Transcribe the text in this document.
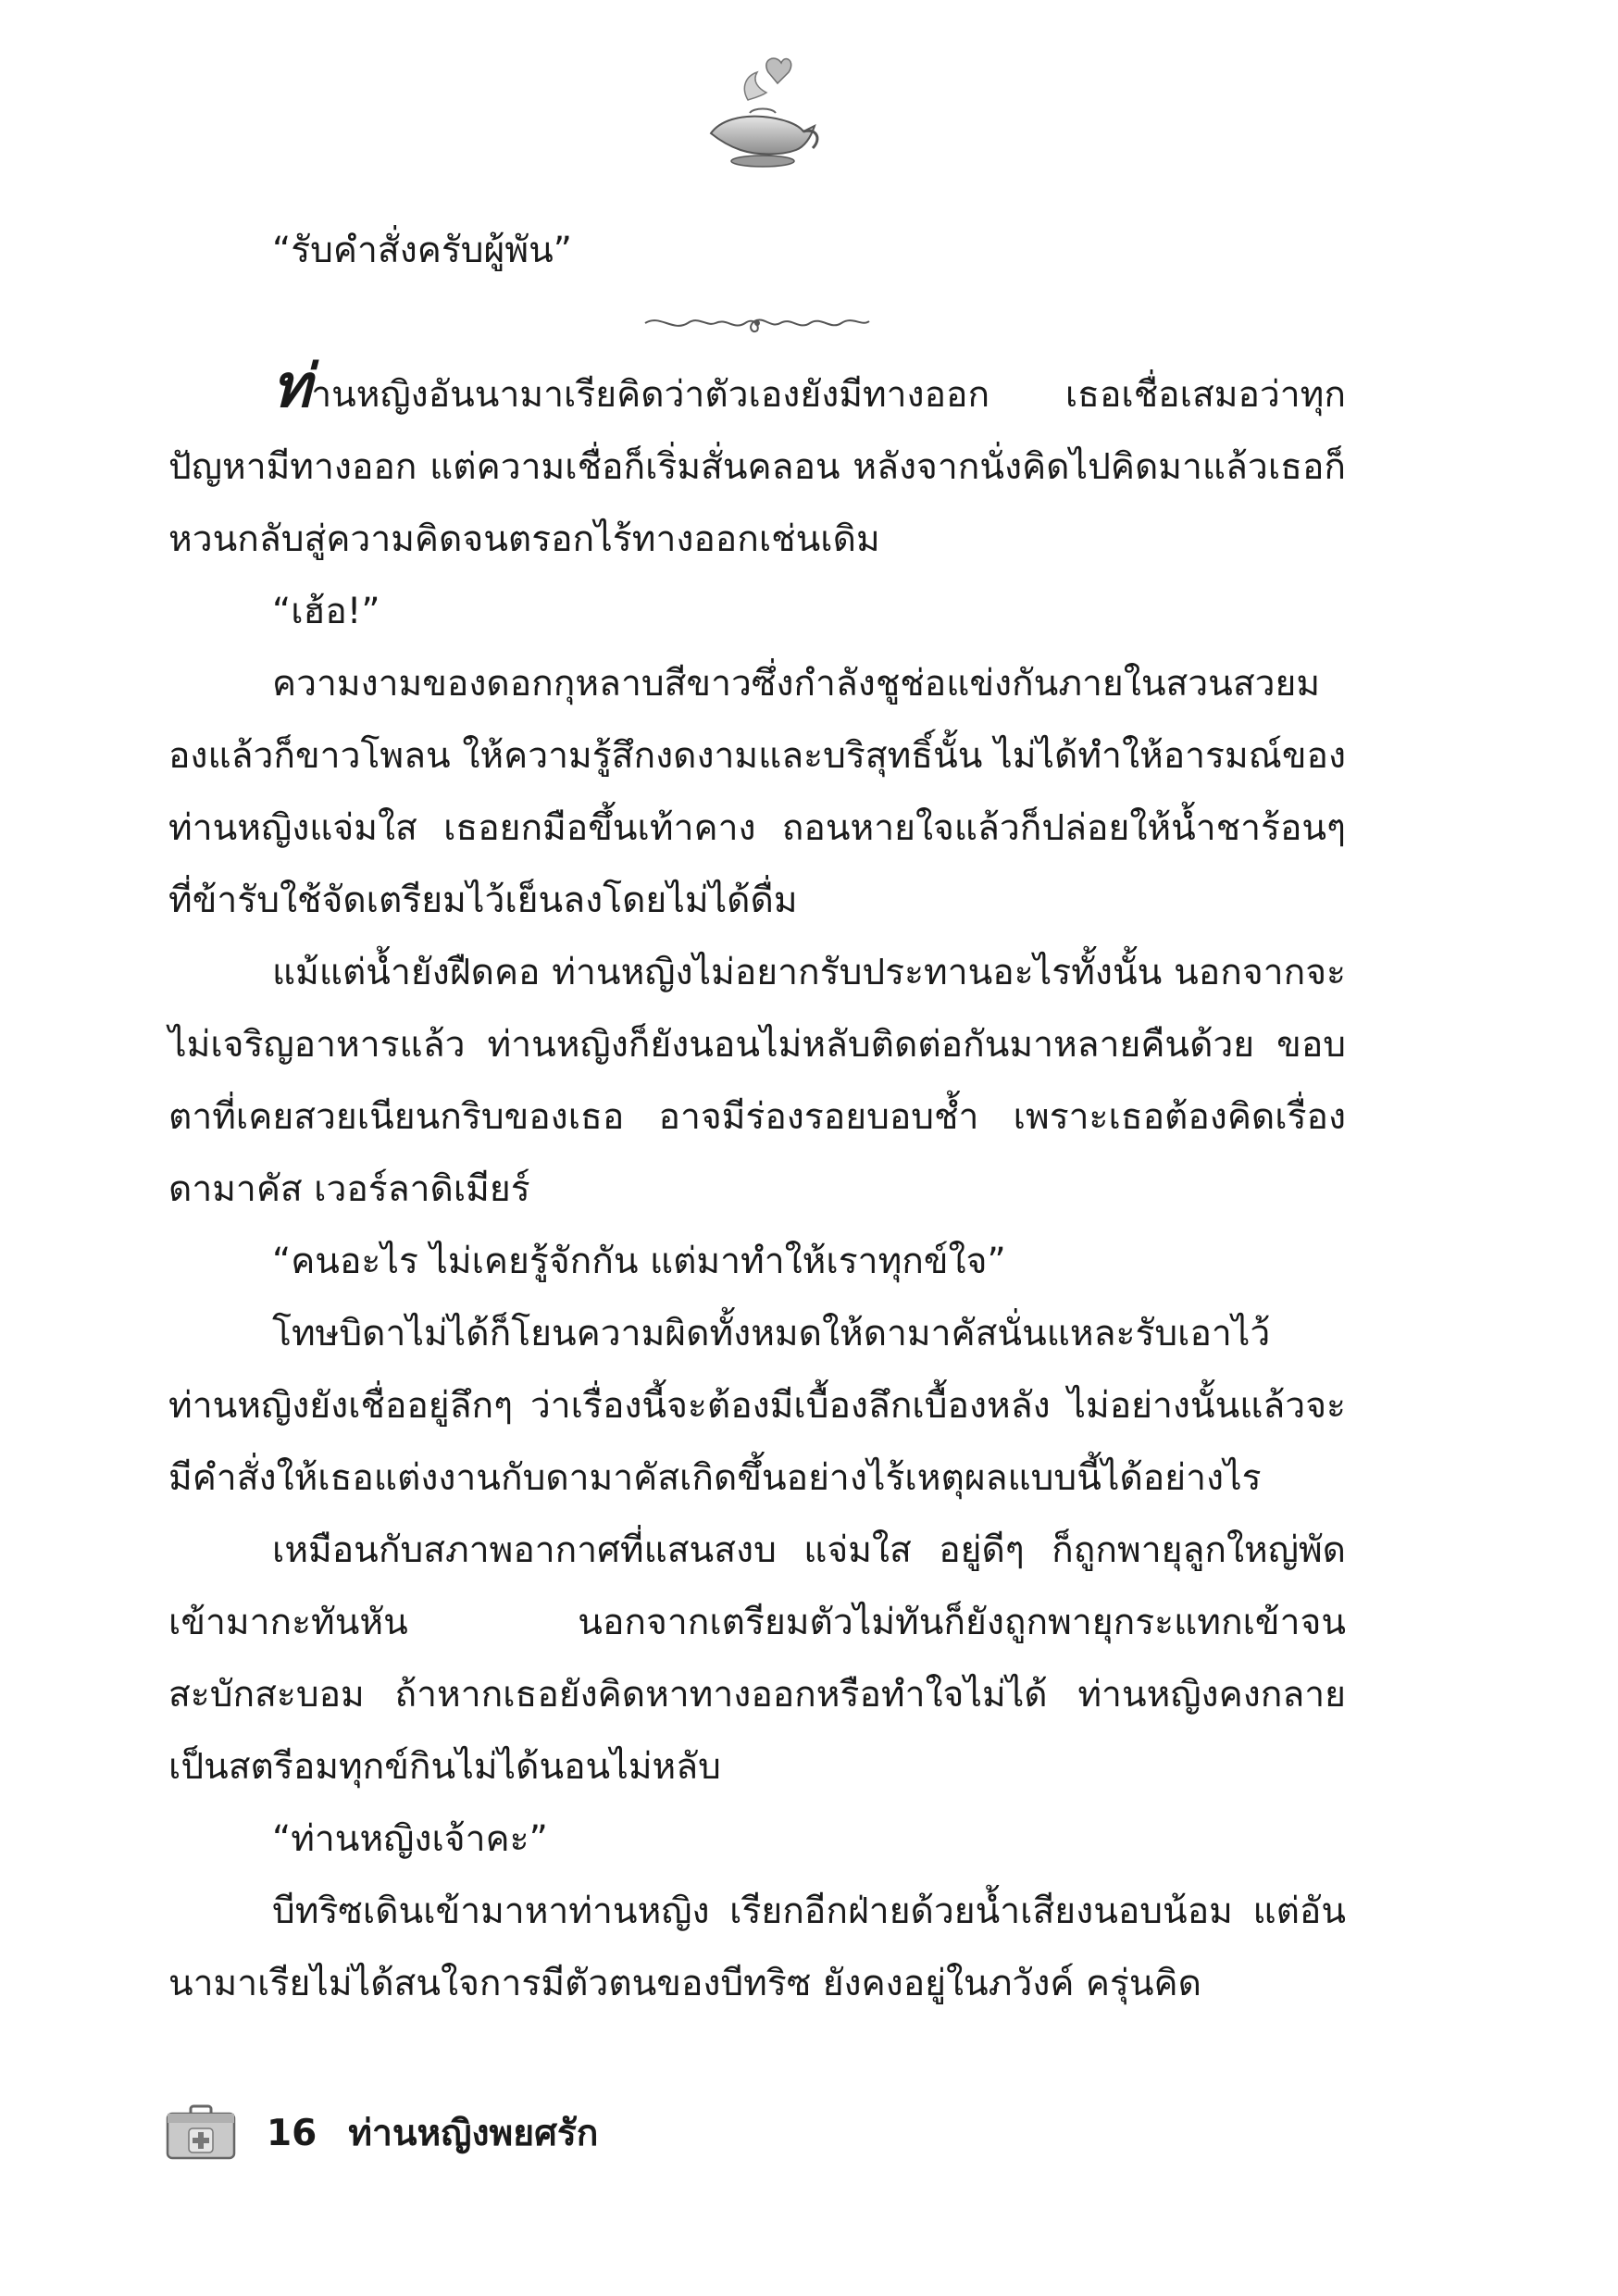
“รับคำสั่งครับผู้พัน”

ท่านหญิงอันนามาเรียคิดว่าตัวเองยังมีทางออก เธอเชื่อเสมอว่าทุกปัญหามีทางออก แต่ความเชื่อก็เริ่มสั่นคลอน หลังจากนั่งคิดไปคิดมาแล้วเธอก็หวนกลับสู่ความคิดจนตรอกไร้ทางออกเช่นเดิม

“เฮ้อ!”

ความงามของดอกกุหลาบสีขาวซึ่งกำลังชูช่อแข่งกันภายในสวนสวยมองแล้วก็ขาวโพลน ให้ความรู้สึกงดงามและบริสุทธิ์นั้น ไม่ได้ทำให้อารมณ์ของท่านหญิงแจ่มใส เธอยกมือขึ้นเท้าคาง ถอนหายใจแล้วก็ปล่อยให้น้ำชาร้อนๆ ที่ข้ารับใช้จัดเตรียมไว้เย็นลงโดยไม่ได้ดื่ม

แม้แต่น้ำยังฝืดคอ ท่านหญิงไม่อยากรับประทานอะไรทั้งนั้น นอกจากจะไม่เจริญอาหารแล้ว ท่านหญิงก็ยังนอนไม่หลับติดต่อกันมาหลายคืนด้วย ขอบตาที่เคยสวยเนียนกริบของเธอ อาจมีร่องรอยบอบช้ำ เพราะเธอต้องคิดเรื่อง ดามาคัส เวอร์ลาดิเมียร์

“คนอะไร ไม่เคยรู้จักกัน แต่มาทำให้เราทุกข์ใจ”

โทษบิดาไม่ได้ก็โยนความผิดทั้งหมดให้ดามาคัสนั่นแหละรับเอาไว้ ท่านหญิงยังเชื่ออยู่ลึกๆ ว่าเรื่องนี้จะต้องมีเบื้องลึกเบื้องหลัง ไม่อย่างนั้นแล้วจะมีคำสั่งให้เธอแต่งงานกับดามาคัสเกิดขึ้นอย่างไร้เหตุผลแบบนี้ได้อย่างไร

เหมือนกับสภาพอากาศที่แสนสงบ แจ่มใส อยู่ดีๆ ก็ถูกพายุลูกใหญ่พัดเข้ามากะทันหัน นอกจากเตรียมตัวไม่ทันก็ยังถูกพายุกระแทกเข้าจนสะบักสะบอม ถ้าหากเธอยังคิดหาทางออกหรือทำใจไม่ได้ ท่านหญิงคงกลายเป็นสตรีอมทุกข์กินไม่ได้นอนไม่หลับ

“ท่านหญิงเจ้าคะ”

บีทริซเดินเข้ามาหาท่านหญิง เรียกอีกฝ่ายด้วยน้ำเสียงนอบน้อม แต่อันนามาเรียไม่ได้สนใจการมีตัวตนของบีทริซ ยังคงอยู่ในภวังค์ ครุ่นคิด

16 ท่านหญิงพยศรัก
